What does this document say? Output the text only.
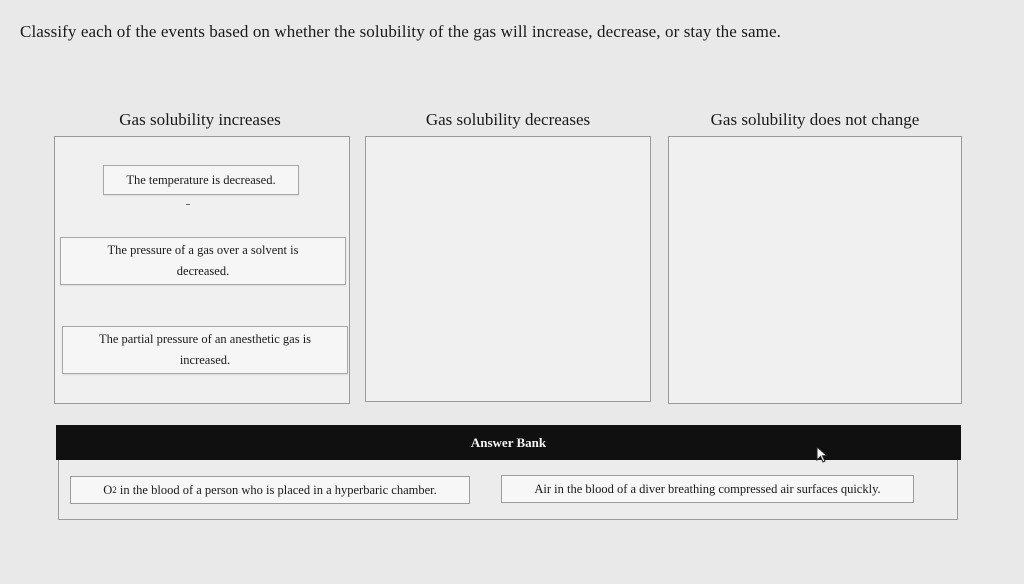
Classify each of the events based on whether the solubility of the gas will increase, decrease, or stay the same.
Gas solubility increases	Gas solubility decreases	Gas solubility does not change
The temperature is decreased.
The pressure of a gas over a solvent is decreased.
The partial pressure of an anesthetic gas is increased.
Answer Bank
O 2 in the blood of a person who is placed in a hyperbaric chamber.	Air in the blood of a diver breathing compressed air surfaces quickly.
